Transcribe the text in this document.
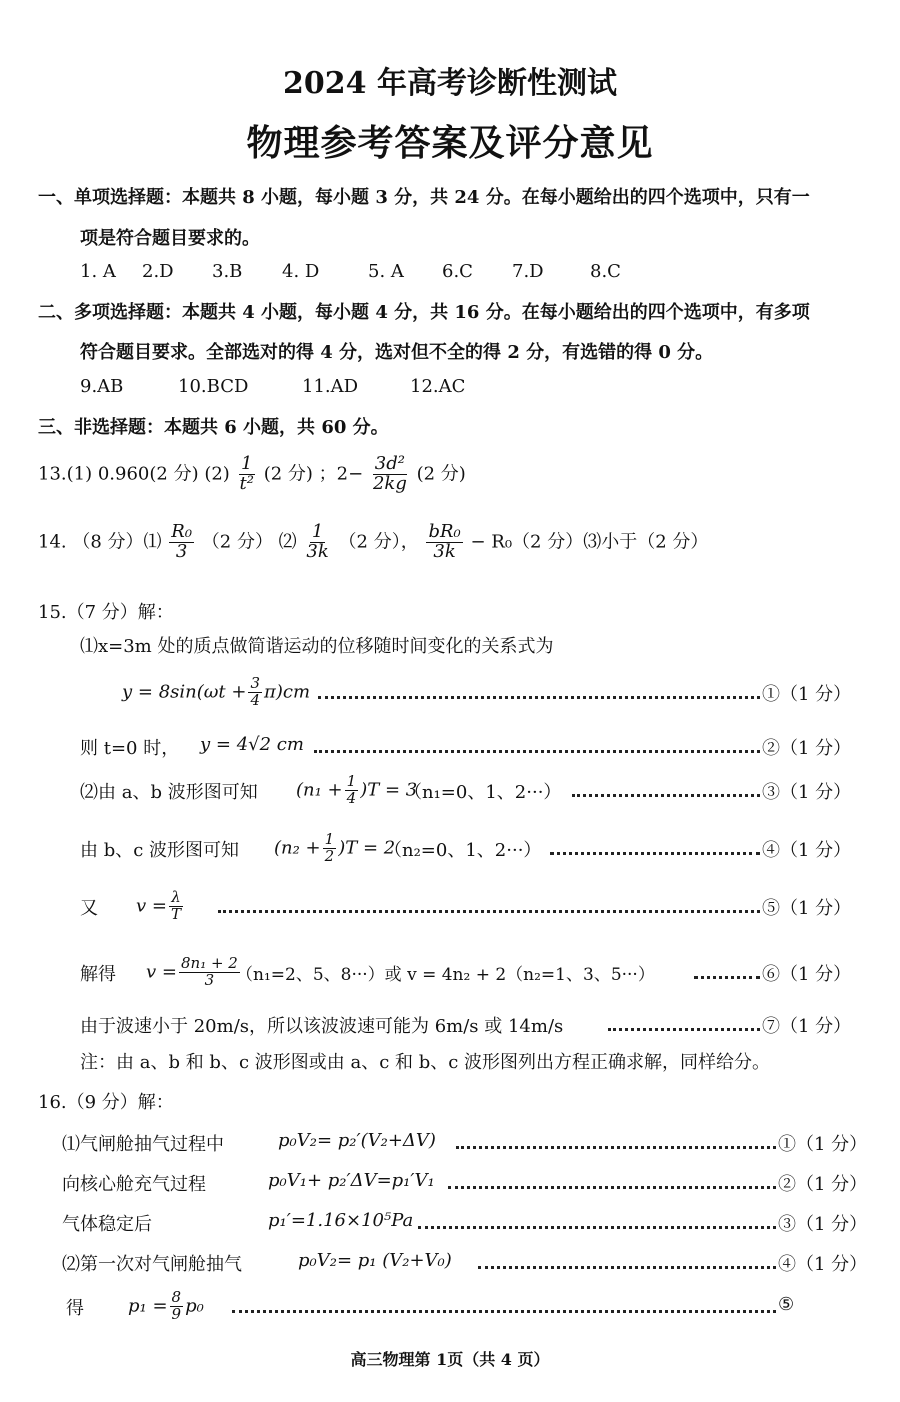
2024 年高考诊断性测试
物理参考答案及评分意见
一、单项选择题：本题共 8 小题，每小题 3 分，共 24 分。在每小题给出的四个选项中，只有一
项是符合题目要求的。
1. A 2.D 3.B 4. D	5. A 6.C 7.D	8.C
二、多项选择题：本题共 4 小题，每小题 4 分，共 16 分。在每小题给出的四个选项中，有多项
符合题目要求。全部选对的得 4 分，选对但不全的得 2 分，有选错的得 0 分。
9.AB	10.BCD	11.AD	12.AC
三、非选择题：本题共 6 小题，共 60 分。
13.(1) 0.960(2 分) $(2) \frac{1}{\text{t²}} (2$ 分) ；$2- \frac{\text{3d²}}{2kg} (2$ 分)
14. （8 分）⑴ $\frac{\text{R₀}}{3} (2$ 分） ⑵ $\frac{1}{3k} (2$ 分）， $\frac{\text{bR₀}}{3k} - R_0(2$ 分）⑶小于（2 分）
15.（7 分）解：
⑴x=3m 处的质点做简谐运动的位移随时间变化的关系式为
$y = 8\sin(\omega t + \frac{3}{4} \pi)cm$	①（1 分）
则 t=0 时， y = 4√2 cm	②（1 分）
⑵由 a、b 波形图可知 $(n_1 + \frac{1}{4} )T = 3$
（n₁=0、1、2···）	③（1 分）
由 b、c 波形图可知 $(n_2 + \frac{1}{2} )T = 2$
（n₂=0、1、2···）	④（1 分）
又 $v = \frac{\lambda}{T}$	⑤（1 分）
解得 $v = \frac{\text{8n₁ + 2}}{3}$
（n₁=2、5、8···）或 v = 4n₂ + 2（n₂=1、3、5···）	⑥（1 分）
由于波速小于 20m/s，所以该波波速可能为 6m/s 或 14m/s	⑦（1 分）
注：由 a、b 和 b、c 波形图或由 a、c 和 b、c 波形图列出方程正确求解，同样给分。
16.（9 分）解：
⑴气闸舱抽气过程中	p₀V₂= p₂′(V₂+ΔV)	①（1 分）
向核心舱充气过程	p₀V₁+ p₂′ΔV=p₁′V₁	②（1 分）
气体稳定后	p₁′=1.16×10⁵Pa	③（1 分）
⑵第一次对气闸舱抽气	p₀V₂= p₁ (V₂+V₀)	④（1 分）
得 $p_1 = \frac{8}{9} p_0$	⑤
高三物理第 1页（共 4 页）
